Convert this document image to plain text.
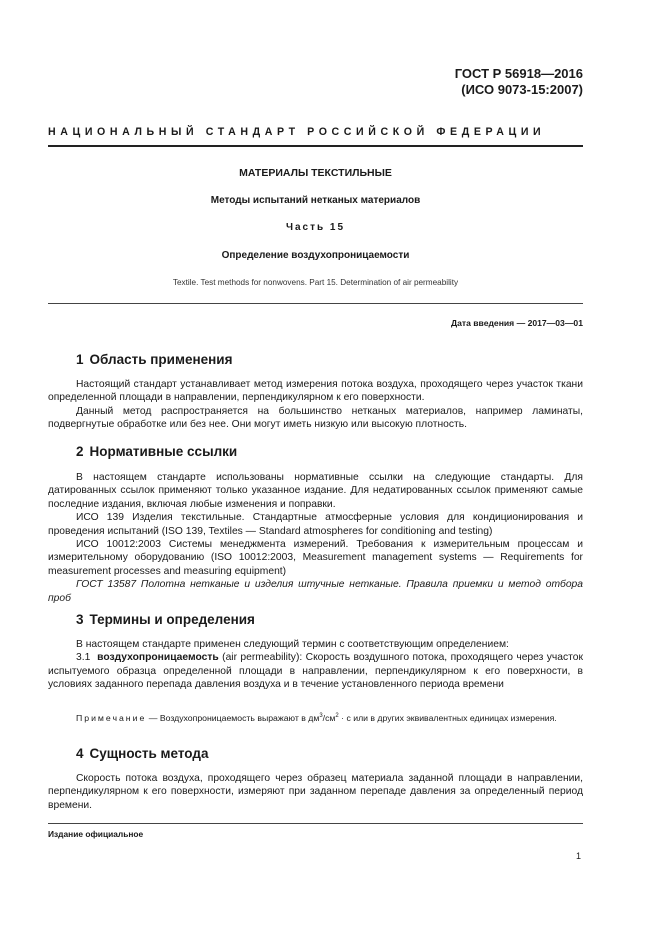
ГОСТ Р 56918—2016
(ИСО 9073-15:2007)
НАЦИОНАЛЬНЫЙ СТАНДАРТ РОССИЙСКОЙ ФЕДЕРАЦИИ
МАТЕРИАЛЫ ТЕКСТИЛЬНЫЕ
Методы испытаний нетканых материалов
Часть 15
Определение воздухопроницаемости
Textile. Test methods for nonwovens. Part 15. Determination of air permeability
Дата введения — 2017—03—01
1 Область применения

Настоящий стандарт устанавливает метод измерения потока воздуха, проходящего через участок ткани определенной площади в направлении, перпендикулярном к его поверхности.

Данный метод распространяется на большинство нетканых материалов, например ламинаты, подвергнутые обработке или без нее. Они могут иметь низкую или высокую плотность.

2 Нормативные ссылки

В настоящем стандарте использованы нормативные ссылки на следующие стандарты. Для датированных ссылок применяют только указанное издание. Для недатированных ссылок применяют самые последние издания, включая любые изменения и поправки.

ИСО 139 Изделия текстильные. Стандартные атмосферные условия для кондиционирования и проведения испытаний (ISO 139, Textiles — Standard atmospheres for conditioning and testing)

ИСО 10012:2003 Системы менеджмента измерений. Требования к измерительным процессам и измерительному оборудованию (ISO 10012:2003, Measurement management systems — Requirements for measurement processes and measuring equipment)

ГОСТ 13587 Полотна нетканые и изделия штучные нетканые. Правила приемки и метод отбора проб

3 Термины и определения

В настоящем стандарте применен следующий термин с соответствующим определением:

3.1 воздухопроницаемость (air permeability): Скорость воздушного потока, проходящего через участок испытуемого образца определенной площади в направлении, перпендикулярном к его поверхности, в условиях заданного перепада давления воздуха и в течение установленного периода времени

Примечание — Воздухопроницаемость выражают в $дм^3/см^2 \cdot с$ или в других эквивалентных единицах измерения.

4 Сущность метода

Скорость потока воздуха, проходящего через образец материала заданной площади в направлении, перпендикулярном к его поверхности, измеряют при заданном перепаде давления за определенный период времени.

Издание официальное
1
